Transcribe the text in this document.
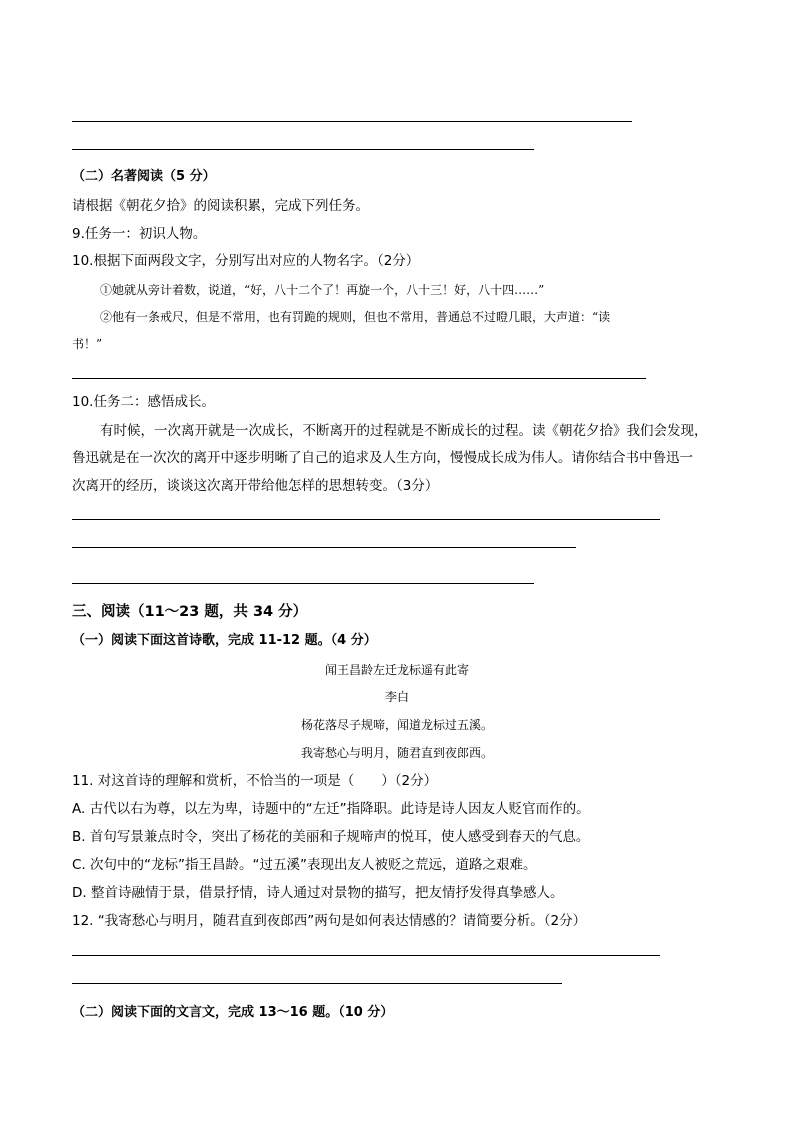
（二）名著阅读（5 分）
请根据《朝花夕拾》的阅读积累，完成下列任务。
9.任务一：初识人物。
10.根据下面两段文字，分别写出对应的人物名字。（2分）
①她就从旁计着数，说道，“好，八十二个了！再旋一个，八十三！好，八十四……”
②他有一条戒尺，但是不常用，也有罚跪的规则，但也不常用，普通总不过瞪几眼，大声道：“读
书！”
10.任务二：感悟成长。
有时候，一次离开就是一次成长，不断离开的过程就是不断成长的过程。读《朝花夕拾》我们会发现，
鲁迅就是在一次次的离开中逐步明晰了自己的追求及人生方向，慢慢成长成为伟人。请你结合书中鲁迅一
次离开的经历，谈谈这次离开带给他怎样的思想转变。（3分）
三、阅读（11～23 题，共 34 分）
（一）阅读下面这首诗歌，完成 11-12 题。（4 分）
闻王昌龄左迁龙标遥有此寄
李白
杨花落尽子规啼，闻道龙标过五溪。
我寄愁心与明月，随君直到夜郎西。
11. 对这首诗的理解和赏析，不恰当的一项是（　　）（2分）
A. 古代以右为尊，以左为卑，诗题中的“左迁”指降职。此诗是诗人因友人贬官而作的。
B. 首句写景兼点时令，突出了杨花的美丽和子规啼声的悦耳，使人感受到春天的气息。
C. 次句中的“龙标”指王昌龄。“过五溪”表现出友人被贬之荒远，道路之艰难。
D. 整首诗融情于景，借景抒情，诗人通过对景物的描写，把友情抒发得真挚感人。
12. “我寄愁心与明月，随君直到夜郎西”两句是如何表达情感的？请简要分析。（2分）
（二）阅读下面的文言文，完成 13～16 题。（10 分）
